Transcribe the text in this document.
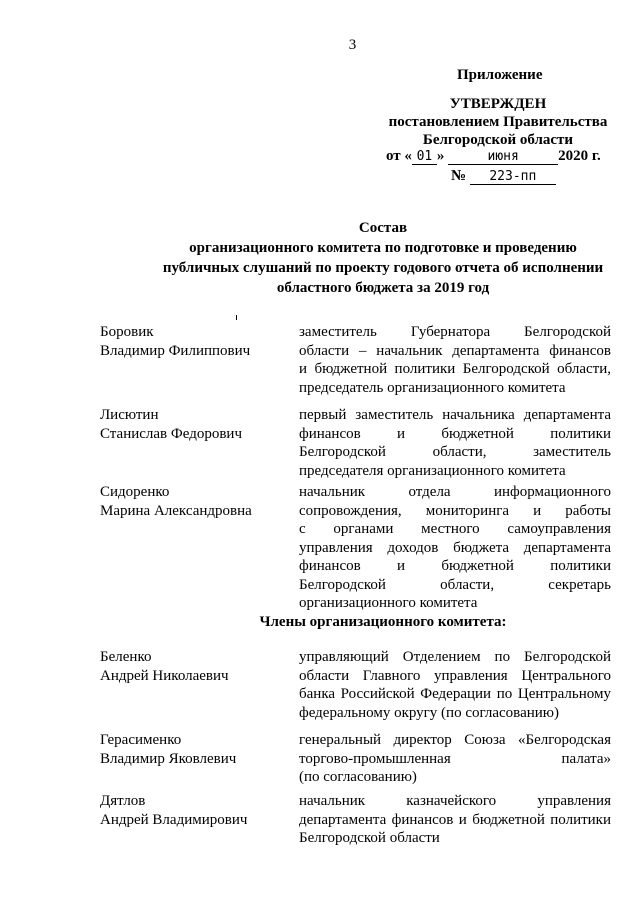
3
Приложение
УТВЕРЖДЕН
постановлением Правительства
Белгородской области
от « 01 »	июня	2020 г.
№ 223-пп
Состав
организационного комитета по подготовке и проведению
публичных слушаний по проекту годового отчета об исполнении
областного бюджета за 2019 год
Боровик
Владимир Филиппович

заместитель Губернатора Белгородской

области – начальник департамента финансов

и бюджетной политики Белгородской области,

председатель организационного комитета

Лисютин
Станислав Федорович

первый заместитель начальника департамента

финансов и бюджетной политики

Белгородской области, заместитель

председателя организационного комитета

Сидоренко
Марина Александровна

начальник отдела информационного

сопровождения, мониторинга и работы

с органами местного самоуправления

управления доходов бюджета департамента

финансов и бюджетной политики

Белгородской области, секретарь

организационного комитета

Члены организационного комитета:
Беленко
Андрей Николаевич

управляющий Отделением по Белгородской

области Главного управления Центрального

банка Российской Федерации по Центральному

федеральному округу (по согласованию)

Герасименко
Владимир Яковлевич

генеральный директор Союза «Белгородская

торгово-промышленная палата»

(по согласованию)

Дятлов
Андрей Владимирович

начальник казначейского управления

департамента финансов и бюджетной политики

Белгородской области
